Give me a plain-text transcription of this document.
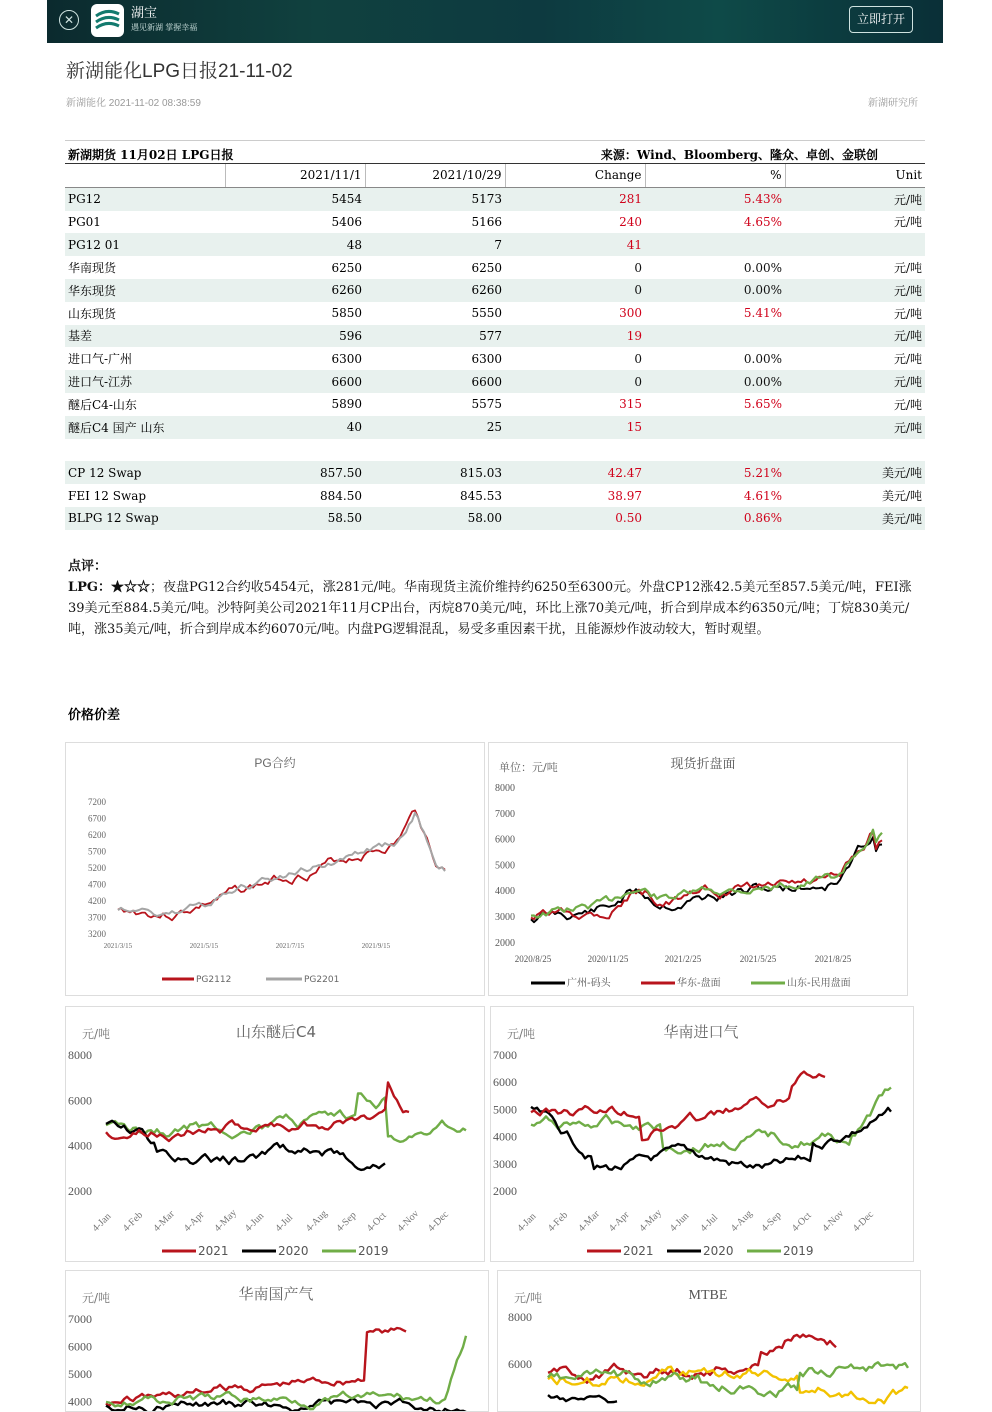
✕	湖宝
遇见新湖 掌握幸福
立即打开
新湖能化LPG日报21-11-02
新湖能化 2021-11-02 08:38:59	新湖研究所
新湖期货 11月02日 LPG日报	来源：Wind、Bloomberg、隆众、卓创、金联创
	2021/11/1	2021/10/29	Change	%	Unit
PG12	5454	5173	281	5.43%	元/吨
PG01	5406	5166	240	4.65%	元/吨
PG12 01	48	7	41		
华南现货	6250	6250	0	0.00%	元/吨
华东现货	6260	6260	0	0.00%	元/吨
山东现货	5850	5550	300	5.41%	元/吨
基差	596	577	19		元/吨
进口气-广州	6300	6300	0	0.00%	元/吨
进口气-江苏	6600	6600	0	0.00%	元/吨
醚后C4-山东	5890	5575	315	5.65%	元/吨
醚后C4 国产 山东	40	25	15		元/吨

CP 12 Swap	857.50	815.03	42.47	5.21%	美元/吨
FEI 12 Swap	884.50	845.53	38.97	4.61%	美元/吨
BLPG 12 Swap	58.50	58.00	0.50	0.86%	美元/吨
点评：
LPG：★☆☆；夜盘PG12合约收5454元，涨281元/吨。华南现货主流价维持约6250至6300元。外盘CP12涨42.5美元至857.5美元/吨，FEI涨39美元至884.5美元/吨。沙特阿美公司2021年11月CP出台，丙烷870美元/吨，环比上涨70美元/吨，折合到岸成本约6350元/吨；丁烷830美元/吨，涨35美元/吨，折合到岸成本约6070元/吨。内盘PG逻辑混乱，易受多重因素干扰，且能源炒作波动较大，暂时观望。
价格价差
PG合约
7200
6700
6200
5700
5200
4700
4200
3700
3200
2021/3/15	2021/5/15	2021/7/15	2021/9/15
PG2112	PG2201
单位：元/吨	现货折盘面
8000
7000
6000
5000
4000
3000
2000
2020/8/25	2020/11/25	2021/2/25	2021/5/25	2021/8/25
广州-码头	华东-盘面	山东-民用盘面
元/吨	山东醚后C4
8000
6000
4000
2000
4-Jan 4-Feb 4-Mar 4-Apr 4-May 4-Jun 4-Jul 4-Aug 4-Sep 4-Oct 4-Nov 4-Dec
2021	2020	2019
元/吨	华南进口气
7000
6000
5000
4000
3000
2000
4-Jan 4-Feb 4-Mar 4-Apr 4-May 4-Jun 4-Jul 4-Aug 4-Sep 4-Oct 4-Nov 4-Dec
2021	2020	2019
元/吨	华南国产气
7000
6000
5000
4000
元/吨	MTBE
8000
6000
